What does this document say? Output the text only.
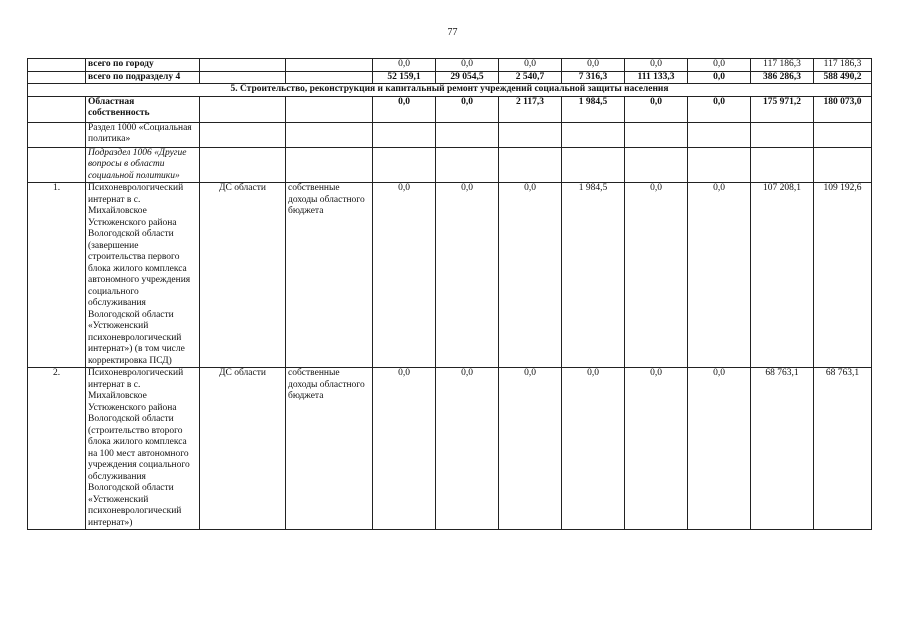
77
	всего по городу			0,0	0,0	0,0	0,0	0,0	0,0	117 186,3	117 186,3
	всего по подразделу 4			52 159,1	29 054,5	2 540,7	7 316,3	111 133,3	0,0	386 286,3	588 490,2
5. Строительство, реконструкция и капитальный ремонт учреждений социальной защиты населения											
	Областная собственность			0,0	0,0	2 117,3	1 984,5	0,0	0,0	175 971,2	180 073,0
	Раздел 1000 «Социальная политика»										
	Подраздел 1006 «Другие вопросы в области социальной политики»										
1.	Психоневрологический интернат в с. Михайловское Устюженского района Вологодской области (завершение строительства первого блока жилого комплекса автономного учреждения социального обслуживания Вологодской области «Устюженский психоневрологический интернат») (в том числе корректировка ПСД)	ДС области	собственные доходы областного бюджета	0,0	0,0	0,0	1 984,5	0,0	0,0	107 208,1	109 192,6
2.	Психоневрологический интернат в с. Михайловское Устюженского района Вологодской области (строительство второго блока жилого комплекса на 100 мест автономного учреждения социального обслуживания Вологодской области «Устюженский психоневрологический интернат»)	ДС области	собственные доходы областного бюджета	0,0	0,0	0,0	0,0	0,0	0,0	68 763,1	68 763,1
